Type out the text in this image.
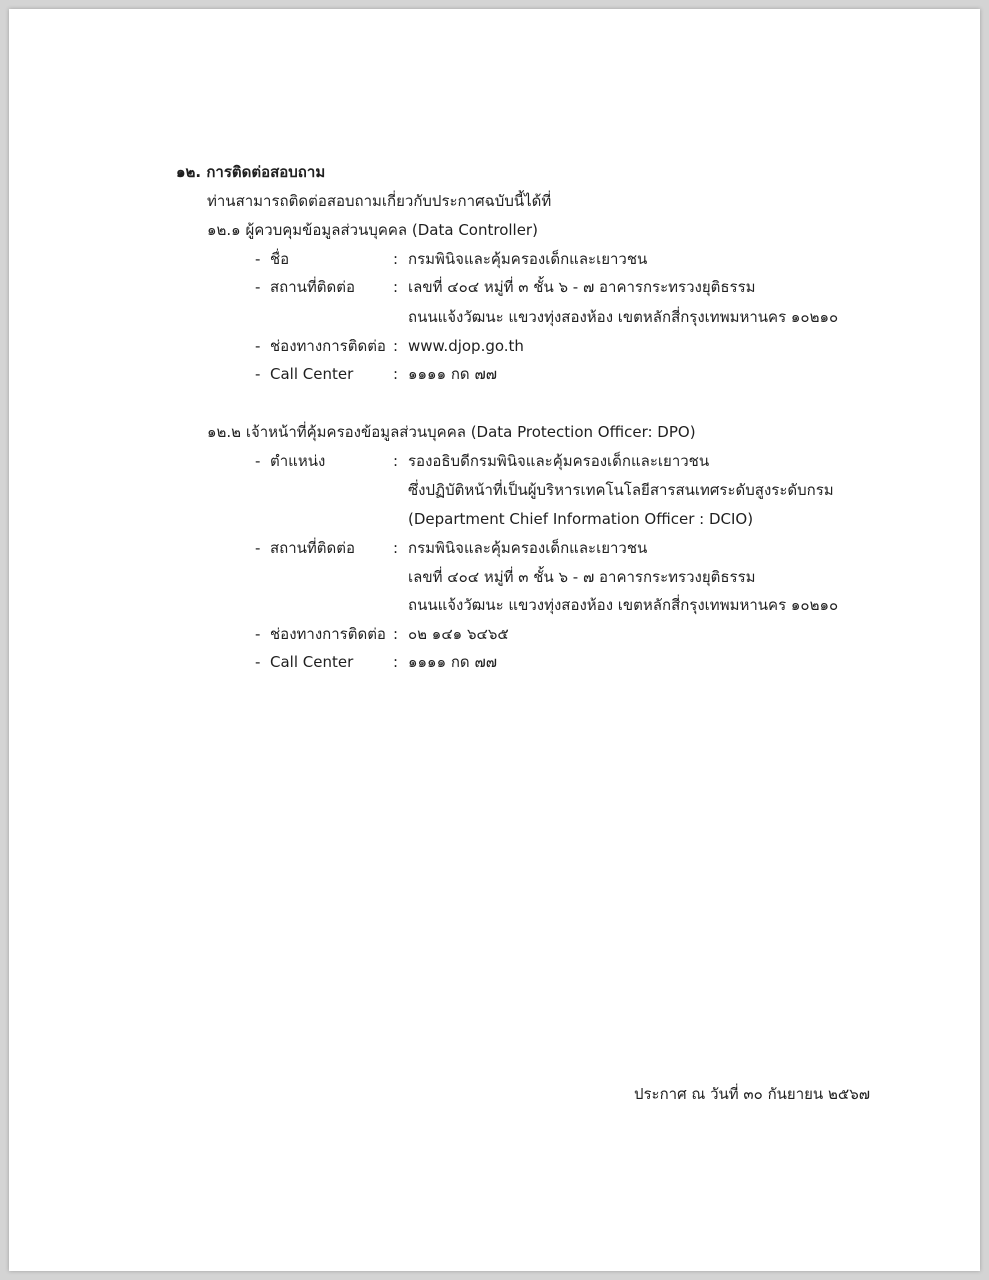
๑๒. การติดต่อสอบถาม
ท่านสามารถติดต่อสอบถามเกี่ยวกับประกาศฉบับนี้ได้ที่
๑๒.๑ ผู้ควบคุมข้อมูลส่วนบุคคล (Data Controller)
- ชื่อ	: กรมพินิจและคุ้มครองเด็กและเยาวชน
- สถานที่ติดต่อ	: เลขที่ ๔๐๔ หมู่ที่ ๓ ชั้น ๖ - ๗ อาคารกระทรวงยุติธรรม
ถนนแจ้งวัฒนะ แขวงทุ่งสองห้อง เขตหลักสี่กรุงเทพมหานคร ๑๐๒๑๐
- ช่องทางการติดต่อ : www.djop.go.th
- Call Center	: ๑๑๑๑ กด ๗๗
๑๒.๒ เจ้าหน้าที่คุ้มครองข้อมูลส่วนบุคคล (Data Protection Officer: DPO)
- ตำแหน่ง	: รองอธิบดีกรมพินิจและคุ้มครองเด็กและเยาวชน
ซึ่งปฏิบัติหน้าที่เป็นผู้บริหารเทคโนโลยีสารสนเทศระดับสูงระดับกรม
(Department Chief Information Officer : DCIO)
- สถานที่ติดต่อ	: กรมพินิจและคุ้มครองเด็กและเยาวชน
เลขที่ ๔๐๔ หมู่ที่ ๓ ชั้น ๖ - ๗ อาคารกระทรวงยุติธรรม
ถนนแจ้งวัฒนะ แขวงทุ่งสองห้อง เขตหลักสี่กรุงเทพมหานคร ๑๐๒๑๐
- ช่องทางการติดต่อ : ๐๒ ๑๔๑ ๖๔๖๕
- Call Center	: ๑๑๑๑ กด ๗๗
ประกาศ ณ วันที่ ๓๐ กันยายน ๒๕๖๗
